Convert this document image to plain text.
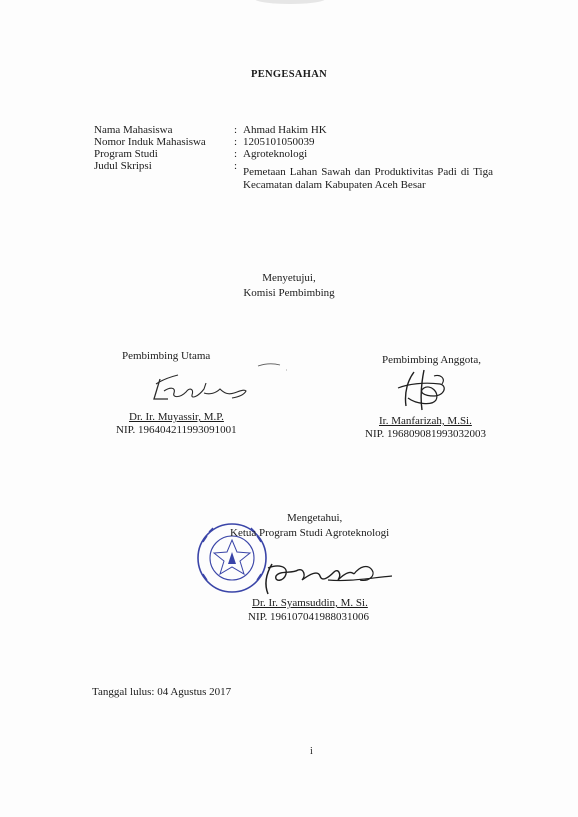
PENGESAHAN
Nama Mahasiswa	: Ahmad Hakim HK
Nomor Induk Mahasiswa	: 1205101050039
Program Studi	: Agroteknologi
Judul Skripsi	: Pemetaan Lahan Sawah dan Produktivitas Padi di Tiga
Kecamatan dalam Kabupaten Aceh Besar
Menyetujui,
Komisi Pembimbing
Pembimbing Utama
Dr. Ir. Muyassir, M.P.
NIP. 196404211993091001
Pembimbing Anggota,
Ir. Manfarizah, M.Si.
NIP. 196809081993032003
Mengetahui,
Ketua Program Studi Agroteknologi
Dr. Ir. Syamsuddin, M. Si.
NIP. 196107041988031006
Tanggal lulus: 04 Agustus 2017
i
